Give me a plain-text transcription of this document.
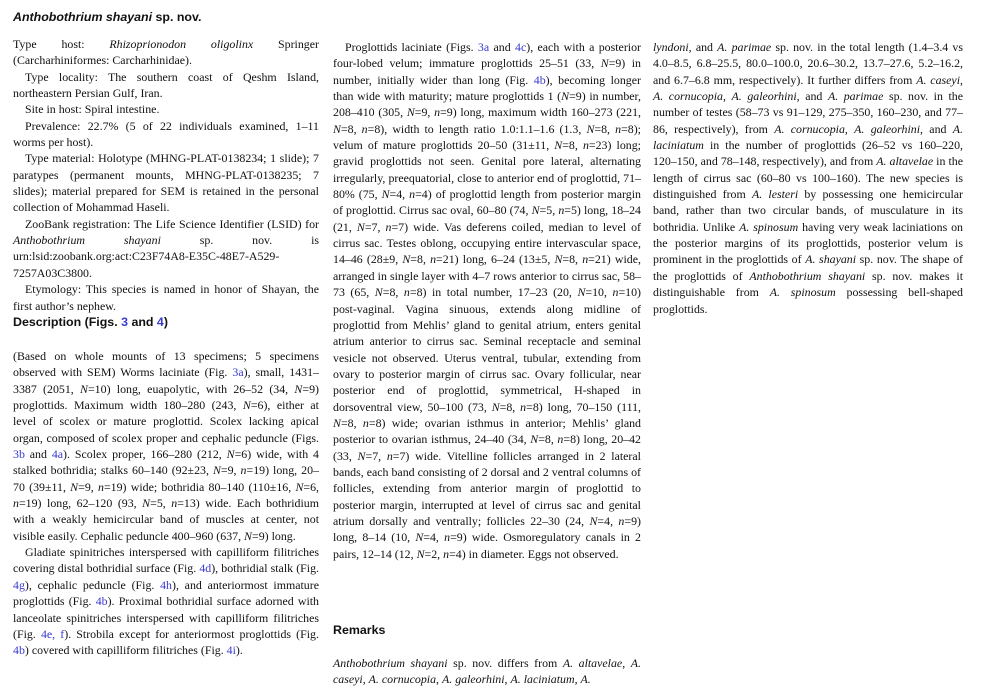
Anthobothrium shayani sp. nov.

Type host: Rhizoprionodon oligolinx Springer (Carcharhiniformes: Carcharhinidae).

Type locality: The southern coast of Qeshm Island, northeastern Persian Gulf, Iran.

Site in host: Spiral intestine.

Prevalence: 22.7% (5 of 22 individuals examined, 1–11 worms per host).

Type material: Holotype (MHNG-PLAT-0138234; 1 slide); 7 paratypes (permanent mounts, MHNG-PLAT-0138235; 7 slides); material prepared for SEM is retained in the personal collection of Mohammad Haseli.

ZooBank registration: The Life Science Identifier (LSID) for Anthobothrium shayani sp. nov. is urn:lsid:zoobank.org:act:C23F74A8-E35C-48E7-A529-7257A03C3800.

Etymology: This species is named in honor of Shayan, the first author’s nephew.

Description (Figs. 3 and 4)

(Based on whole mounts of 13 specimens; 5 specimens observed with SEM) Worms laciniate (Fig. 3a), small, 1431–3387 (2051, N=10) long, euapolytic, with 26–52 (34, N=9) proglottids. Maximum width 180–280 (243, N=6), either at level of scolex or mature proglottid. Scolex lacking apical organ, composed of scolex proper and cephalic peduncle (Figs. 3b and 4a). Scolex proper, 166–280 (212, N=6) wide, with 4 stalked bothridia; stalks 60–140 (92±23, N=9, n=19) long, 20–70 (39±11, N=9, n=19) wide; bothridia 80–140 (110±16, N=6, n=19) long, 62–120 (93, N=5, n=13) wide. Each bothridium with a weakly hemicircular band of muscles at center, not visible easily. Cephalic peduncle 400–960 (637, N=9) long.

Gladiate spinitriches interspersed with capilliform filitriches covering distal bothridial surface (Fig. 4d), bothridial stalk (Fig. 4g), cephalic peduncle (Fig. 4h), and anteriormost immature proglottids (Fig. 4b). Proximal bothridial surface adorned with lanceolate spinitriches interspersed with capilliform filitriches (Fig. 4e, f). Strobila except for anteriormost proglottids (Fig. 4b) covered with capilliform filitriches (Fig. 4i).

Proglottids laciniate (Figs. 3a and 4c), each with a posterior four-lobed velum; immature proglottids 25–51 (33, N=9) in number, initially wider than long (Fig. 4b), becoming longer than wide with maturity; mature proglottids 1 (N=9) in number, 208–410 (305, N=9, n=9) long, maximum width 160–273 (221, N=8, n=8), width to length ratio 1.0:1.1–1.6 (1.3, N=8, n=8); velum of mature proglottids 20–50 (31±11, N=8, n=23) long; gravid proglottids not seen. Genital pore lateral, alternating irregularly, preequatorial, close to anterior end of proglottid, 71–80% (75, N=4, n=4) of proglottid length from posterior margin of proglottid. Cirrus sac oval, 60–80 (74, N=5, n=5) long, 18–24 (21, N=7, n=7) wide. Vas deferens coiled, median to level of cirrus sac. Testes oblong, occupying entire intervascular space, 14–46 (28±9, N=8, n=21) long, 6–24 (13±5, N=8, n=21) wide, arranged in single layer with 4–7 rows anterior to cirrus sac, 58–73 (65, N=8, n=8) in total number, 17–23 (20, N=10, n=10) post-vaginal. Vagina sinuous, extends along midline of proglottid from Mehlis’ gland to genital atrium, enters genital atrium anterior to cirrus sac. Seminal receptacle and seminal vesicle not observed. Uterus ventral, tubular, extending from ovary to posterior margin of cirrus sac. Ovary follicular, near posterior end of proglottid, symmetrical, H-shaped in dorsoventral view, 50–100 (73, N=8, n=8) long, 70–150 (111, N=8, n=8) wide; ovarian isthmus in anterior; Mehlis’ gland posterior to ovarian isthmus, 24–40 (34, N=8, n=8) long, 20–42 (33, N=7, n=7) wide. Vitelline follicles arranged in 2 lateral bands, each band consisting of 2 dorsal and 2 ventral columns of follicles, extending from anterior margin of proglottid to posterior margin, interrupted at level of cirrus sac and genital atrium dorsally and ventrally; follicles 22–30 (24, N=4, n=9) long, 8–14 (10, N=4, n=9) wide. Osmoregulatory canals in 2 pairs, 12–14 (12, N=2, n=4) in diameter. Eggs not observed.

Remarks

Anthobothrium shayani sp. nov. differs from A. altavelae, A. caseyi, A. cornucopia, A. galeorhini, A. laciniatum, A.

lyndoni, and A. parimae sp. nov. in the total length (1.4–3.4 vs 4.0–8.5, 6.8–25.5, 80.0–100.0, 20.6–30.2, 13.7–27.6, 5.2–16.2, and 6.7–6.8 mm, respectively). It further differs from A. caseyi, A. cornucopia, A. galeorhini, and A. parimae sp. nov. in the number of testes (58–73 vs 91–129, 275–350, 160–230, and 77–86, respectively), from A. cornucopia, A. galeorhini, and A. laciniatum in the number of proglottids (26–52 vs 160–220, 120–150, and 78–148, respectively), and from A. altavelae in the length of cirrus sac (60–80 vs 100–160). The new species is distinguished from A. lesteri by possessing one hemicircular band, rather than two circular bands, of musculature in its bothridia. Unlike A. spinosum having very weak laciniations on the posterior margins of its proglottids, posterior velum is prominent in the proglottids of A. shayani sp. nov. The shape of the proglottids of Anthobothrium shayani sp. nov. makes it distinguishable from A. spinosum possessing bell-shaped proglottids.
